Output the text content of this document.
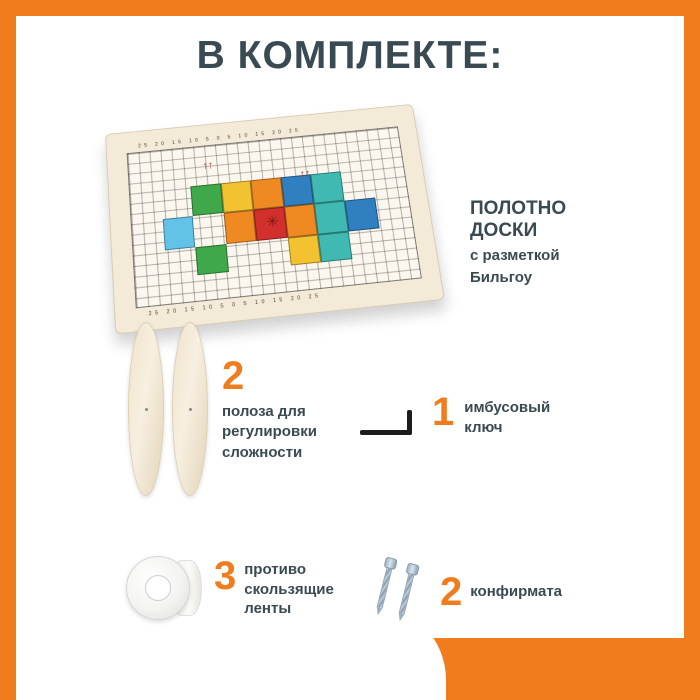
В КОМПЛЕКТЕ:
✳
↑↑
↑↑
25 20 15 10 5 0 5 10 15 20 25
25 20 15 10 5 0 5 10 15 20 25
ПОЛОТНО
ДОСКИ
с разметкой
Бильгоу
2
полоза для
регулировки
сложности
1 имбусовый
ключ
3 противо
скользящие
ленты	2 конфирмата
